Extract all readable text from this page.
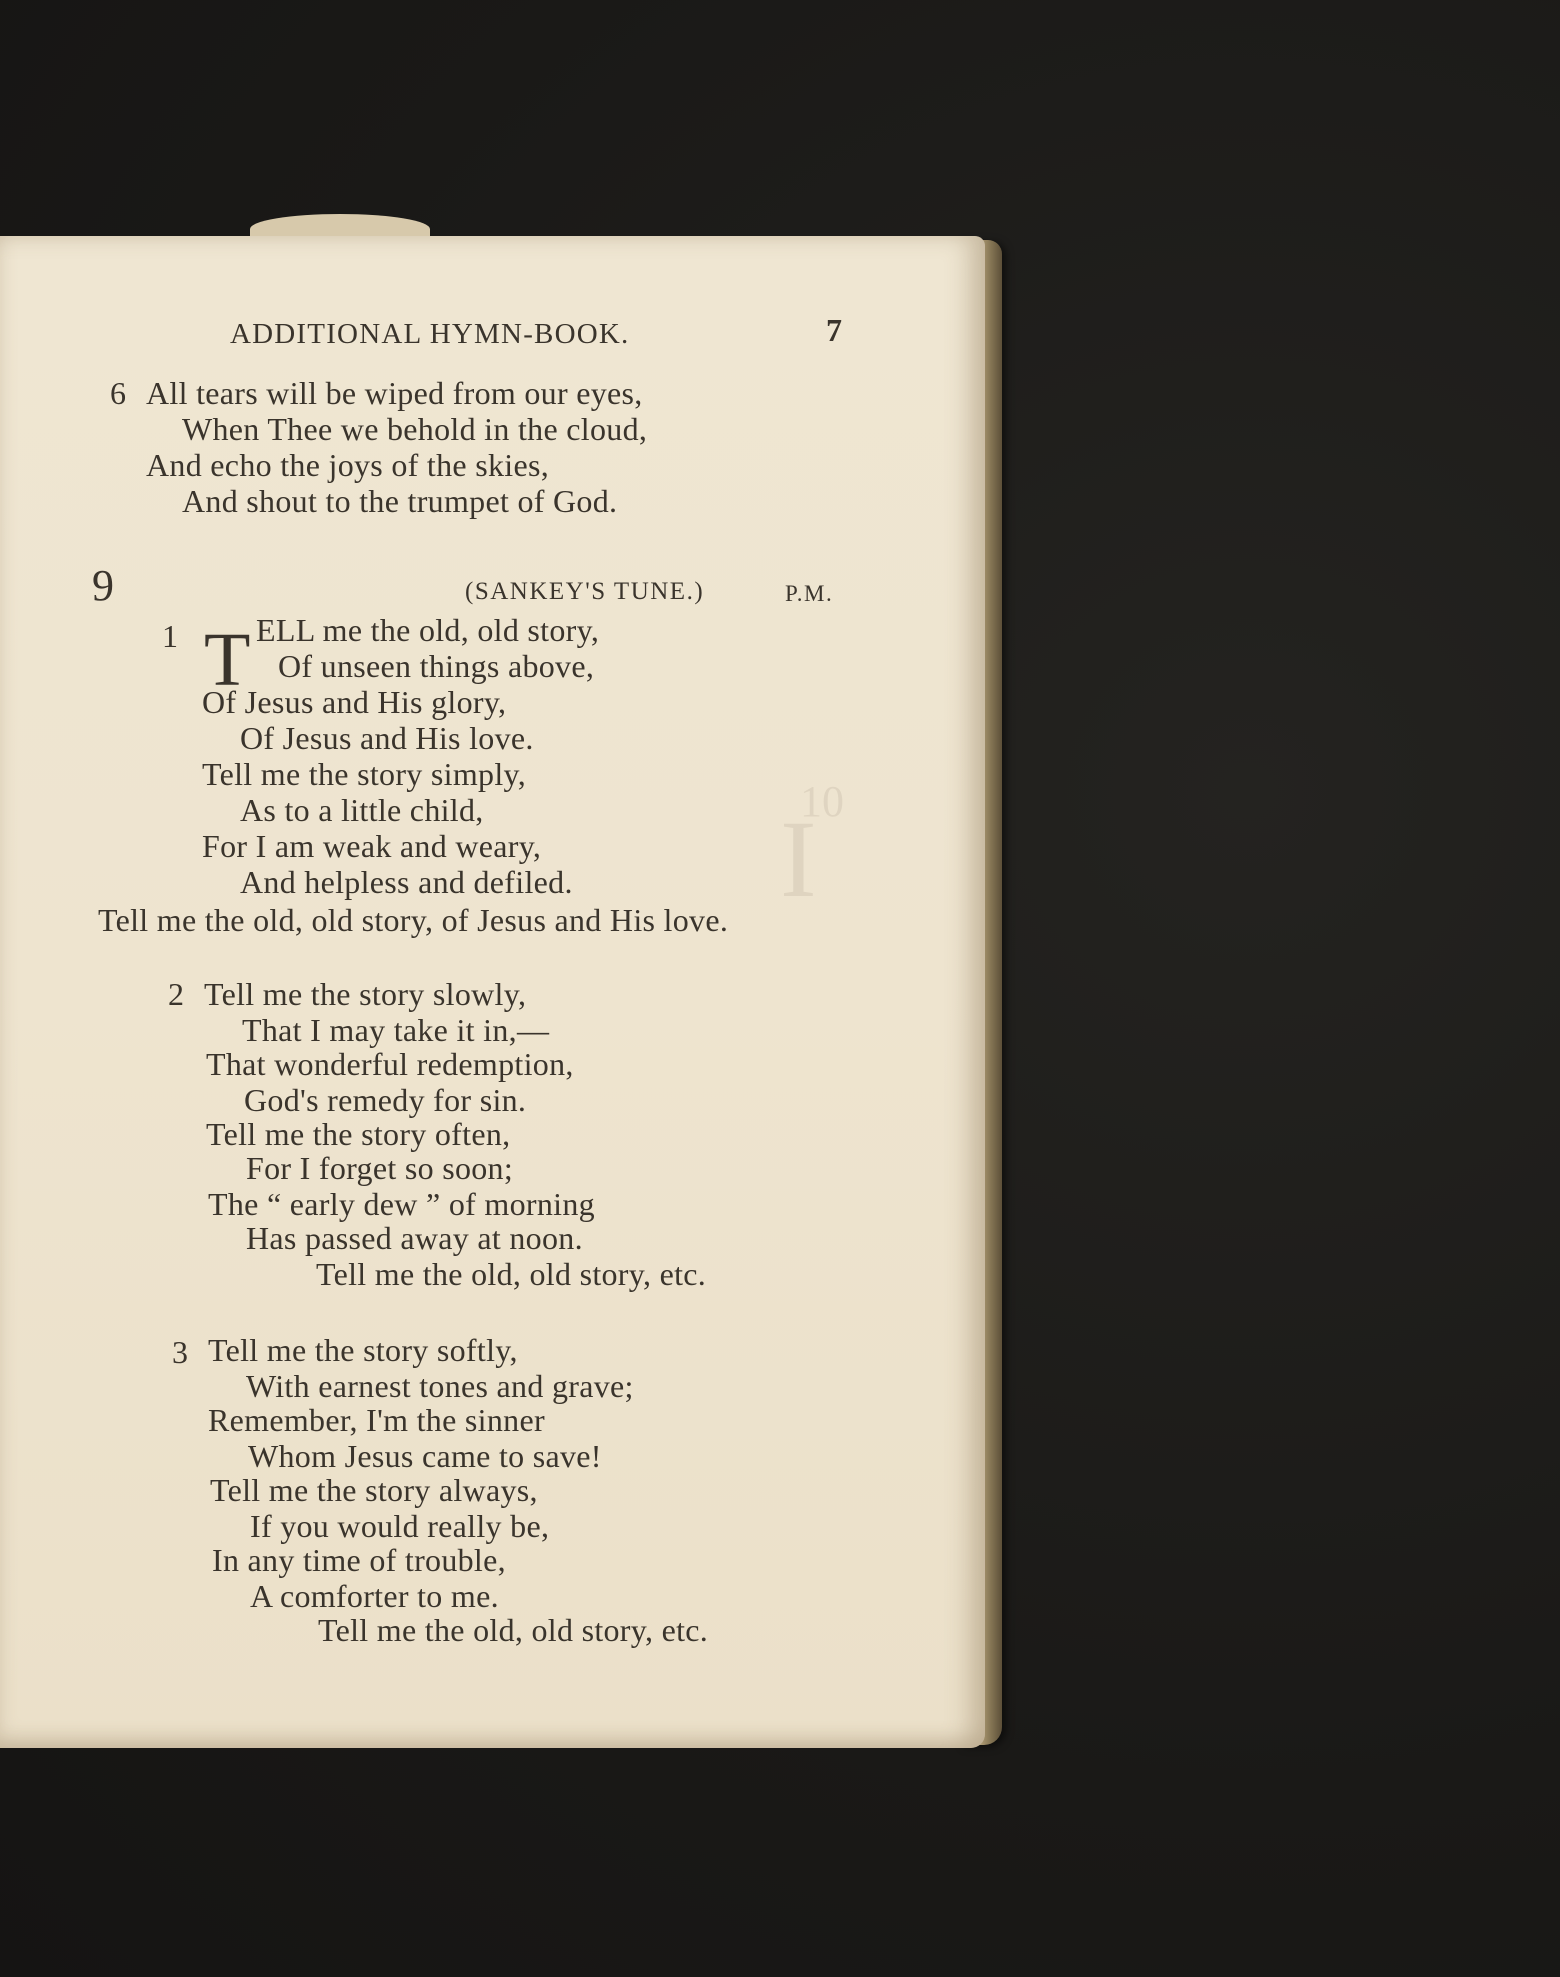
10
I
ADDITIONAL HYMN-BOOK.	7
6 All tears will be wiped from our eyes,
When Thee we behold in the cloud,
And echo the joys of the skies,
And shout to the trumpet of God.
9	(SANKEY'S TUNE.)	P.M.
1 T ELL me the old, old story,
Of unseen things above,
Of Jesus and His glory,
Of Jesus and His love.
Tell me the story simply,
As to a little child,
For I am weak and weary,
And helpless and defiled.
Tell me the old, old story, of Jesus and His love.
2 Tell me the story slowly,
That I may take it in,—
That wonderful redemption,
God's remedy for sin.
Tell me the story often,
For I forget so soon;
The “ early dew ” of morning
Has passed away at noon.
Tell me the old, old story, etc.
3 Tell me the story softly,
With earnest tones and grave;
Remember, I'm the sinner
Whom Jesus came to save!
Tell me the story always,
If you would really be,
In any time of trouble,
A comforter to me.
Tell me the old, old story, etc.
